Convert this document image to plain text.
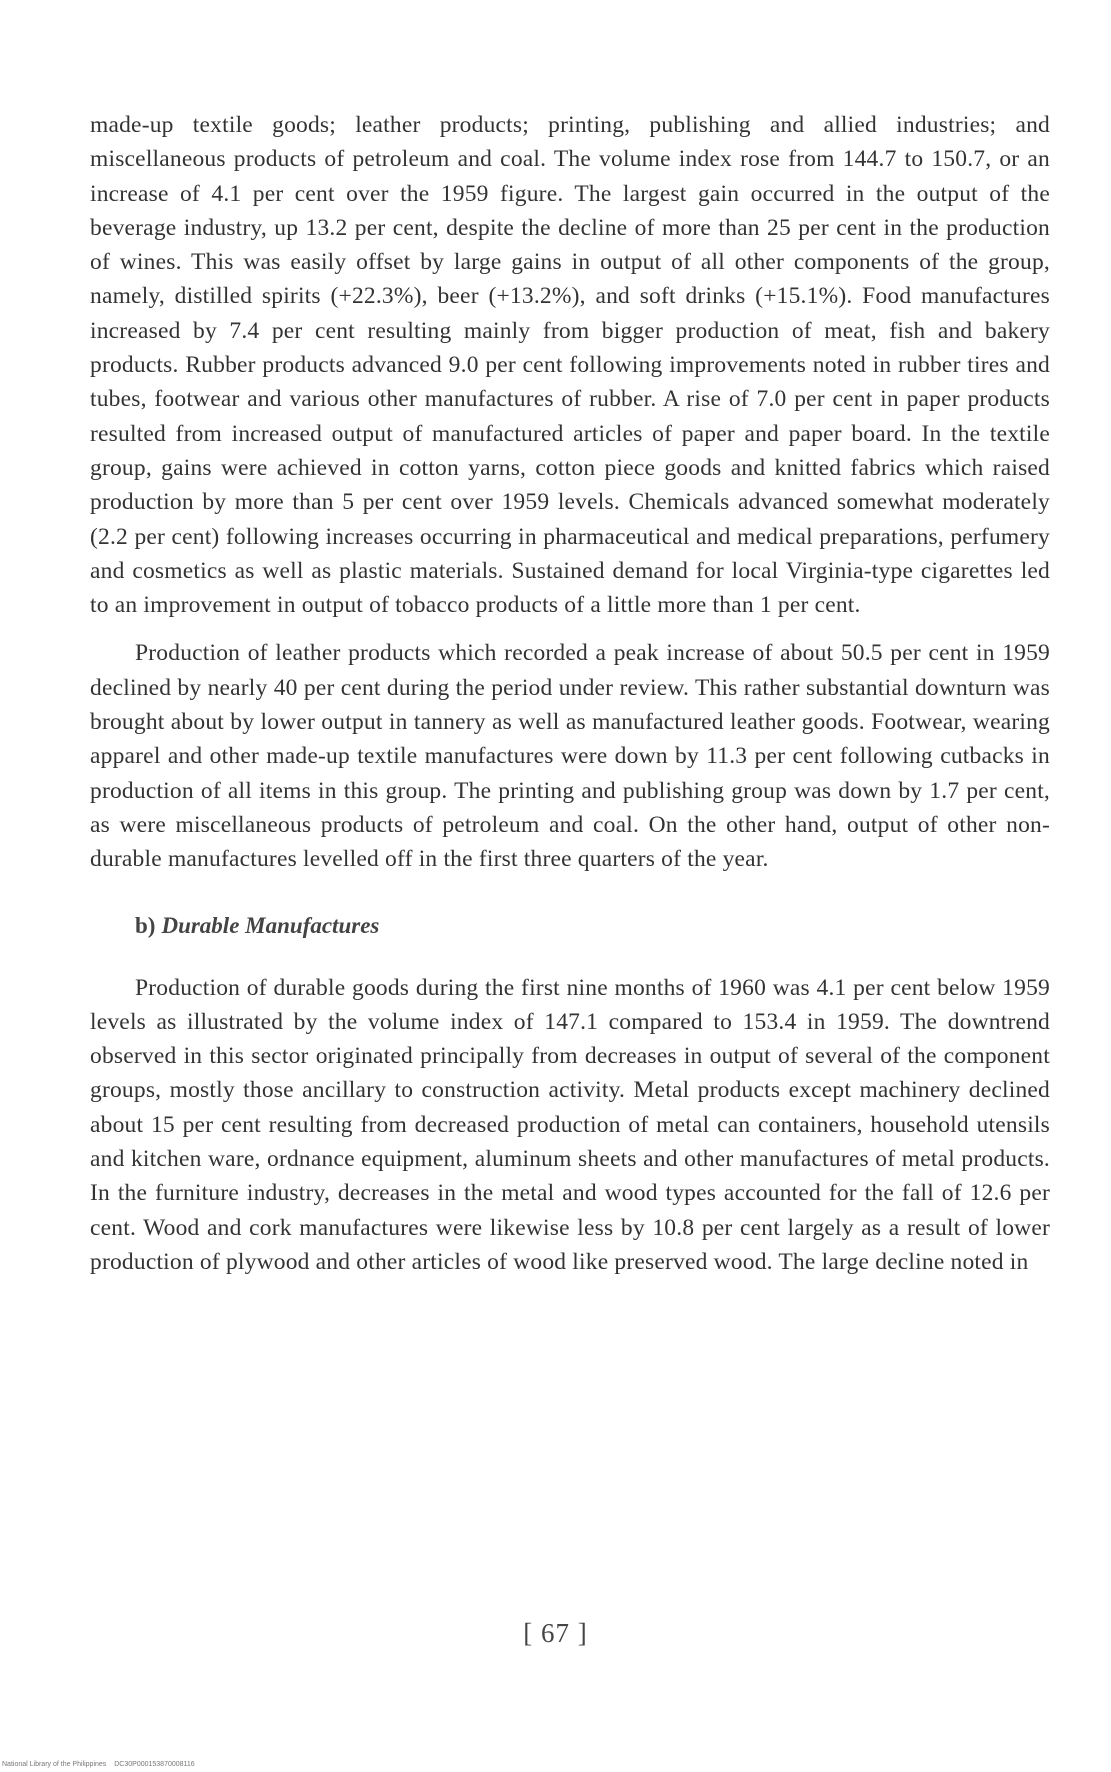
made-up textile goods; leather products; printing, publishing and allied industries; and miscellaneous products of petroleum and coal. The volume index rose from 144.7 to 150.7, or an increase of 4.1 per cent over the 1959 figure. The largest gain occurred in the output of the beverage industry, up 13.2 per cent, despite the decline of more than 25 per cent in the production of wines. This was easily offset by large gains in output of all other components of the group, namely, distilled spirits (+22.3%), beer (+13.2%), and soft drinks (+15.1%). Food manufactures increased by 7.4 per cent resulting mainly from bigger production of meat, fish and bakery products. Rubber products advanced 9.0 per cent following improvements noted in rubber tires and tubes, footwear and various other manufactures of rubber. A rise of 7.0 per cent in paper products resulted from increased output of manufactured articles of paper and paper board. In the textile group, gains were achieved in cotton yarns, cotton piece goods and knitted fabrics which raised production by more than 5 per cent over 1959 levels. Chemicals advanced somewhat moderately (2.2 per cent) following increases occurring in pharmaceutical and medical preparations, perfumery and cosmetics as well as plastic materials. Sustained demand for local Virginia-type cigarettes led to an improvement in output of tobacco products of a little more than 1 per cent.

Production of leather products which recorded a peak increase of about 50.5 per cent in 1959 declined by nearly 40 per cent during the period under review. This rather substantial downturn was brought about by lower output in tannery as well as manufactured leather goods. Footwear, wearing apparel and other made-up textile manufactures were down by 11.3 per cent following cutbacks in production of all items in this group. The printing and publishing group was down by 1.7 per cent, as were miscellaneous products of petroleum and coal. On the other hand, output of other non-durable manufactures levelled off in the first three quarters of the year.

b) Durable Manufactures

Production of durable goods during the first nine months of 1960 was 4.1 per cent below 1959 levels as illustrated by the volume index of 147.1 compared to 153.4 in 1959. The downtrend observed in this sector originated principally from decreases in output of several of the component groups, mostly those ancillary to construction activity. Metal products except machinery declined about 15 per cent resulting from decreased production of metal can containers, household utensils and kitchen ware, ordnance equipment, aluminum sheets and other manufactures of metal products. In the furniture industry, decreases in the metal and wood types accounted for the fall of 12.6 per cent. Wood and cork manufactures were likewise less by 10.8 per cent largely as a result of lower production of plywood and other articles of wood like preserved wood. The large decline noted in

[ 67 ]
National Library of the Philippines DC30P000153870008116
